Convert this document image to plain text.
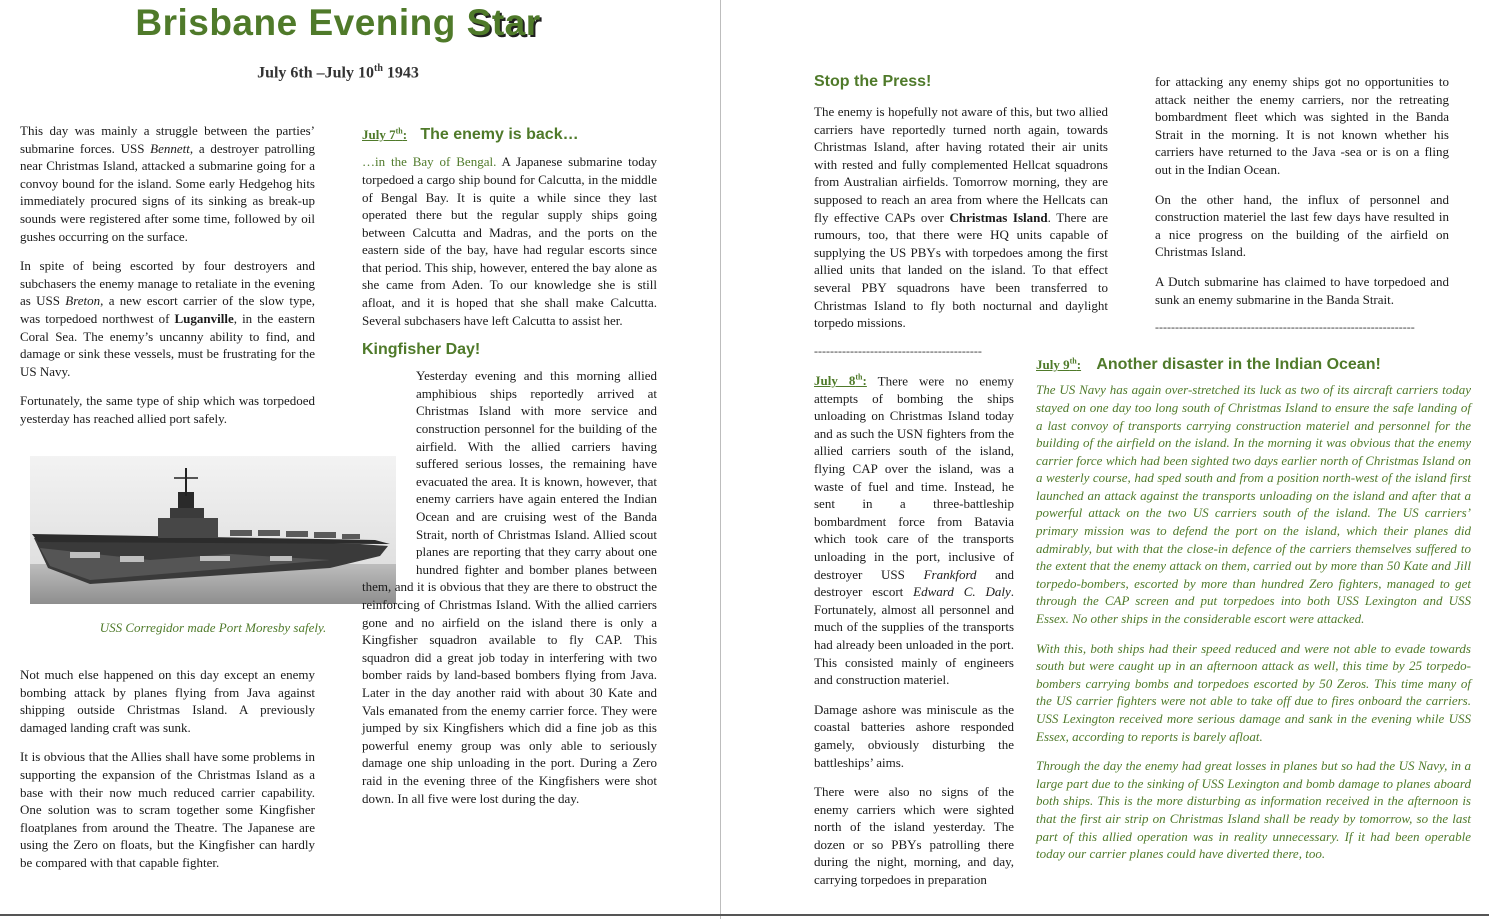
Brisbane Evening Star
July 6th –July 10th 1943

This day was mainly a struggle between the parties’ submarine forces. USS Bennett, a destroyer patrolling near Christmas Island, attacked a submarine going for a convoy bound for the island. Some early Hedgehog hits immediately procured signs of its sinking as break-up sounds were registered after some time, followed by oil gushes occurring on the surface.

In spite of being escorted by four destroyers and subchasers the enemy manage to retaliate in the evening as USS Breton, a new escort carrier of the slow type, was torpedoed northwest of Luganville, in the eastern Coral Sea. The enemy’s uncanny ability to find, and damage or sink these vessels, must be frustrating for the US Navy.

Fortunately, the same type of ship which was torpedoed yesterday has reached allied port safely.

USS Corregidor made Port Moresby safely.

Not much else happened on this day except an enemy bombing attack by planes flying from Java against shipping outside Christmas Island. A previously damaged landing craft was sunk.

It is obvious that the Allies shall have some problems in supporting the expansion of the Christmas Island as a base with their now much reduced carrier capability. One solution was to scram together some Kingfisher floatplanes from around the Theatre. The Japanese are using the Zero on floats, but the Kingfisher can hardly be compared with that capable fighter.

July 7th: The enemy is back…

…in the Bay of Bengal. A Japanese submarine today torpedoed a cargo ship bound for Calcutta, in the middle of Bengal Bay. It is quite a while since they last operated there but the regular supply ships going between Calcutta and Madras, and the ports on the eastern side of the bay, have had regular escorts since that period. This ship, however, entered the bay alone as she came from Aden. To our knowledge she is still afloat, and it is hoped that she shall make Calcutta. Several subchasers have left Calcutta to assist her.

Kingfisher Day!

Yesterday evening and this morning allied amphibious ships reportedly arrived at Christmas Island with more service and construction personnel for the building of the airfield. With the allied carriers having suffered serious losses, the remaining have evacuated the area. It is known, however, that enemy carriers have again entered the Indian Ocean and are cruising west of the Banda Strait, north of Christmas Island. Allied scout planes are reporting that they carry about one hundred fighter and bomber planes between them, and it is obvious that they are there to obstruct the reinforcing of Christmas Island. With the allied carriers gone and no airfield on the island there is only a Kingfisher squadron available to fly CAP. This squadron did a great job today in interfering with two bomber raids by land-based bombers flying from Java. Later in the day another raid with about 30 Kate and Vals emanated from the enemy carrier force. They were jumped by six Kingfishers which did a fine job as this powerful enemy group was only able to seriously damage one ship unloading in the port. During a Zero raid in the evening three of the Kingfishers were shot down. In all five were lost during the day.

Stop the Press!

The enemy is hopefully not aware of this, but two allied carriers have reportedly turned north again, towards Christmas Island, after having rotated their air units with rested and fully complemented Hellcat squadrons from Australian airfields. Tomorrow morning, they are supposed to reach an area from where the Hellcats can fly effective CAPs over Christmas Island. There are rumours, too, that there were HQ units capable of supplying the US PBYs with torpedoes among the first allied units that landed on the island. To that effect several PBY squadrons have been transferred to Christmas Island to fly both nocturnal and daylight torpedo missions.

------------------------------------------

July 8th: There were no enemy attempts of bombing the ships unloading on Christmas Island today and as such the USN fighters from the allied carriers south of the island, flying CAP over the island, was a waste of fuel and time. Instead, he sent in a three-battleship bombardment force from Batavia which took care of the transports unloading in the port, inclusive of destroyer USS Frankford and destroyer escort Edward C. Daly. Fortunately, almost all personnel and much of the supplies of the transports had already been unloaded in the port. This consisted mainly of engineers and construction materiel.

Damage ashore was miniscule as the coastal batteries ashore responded gamely, obviously disturbing the battleships’ aims.

There were also no signs of the enemy carriers which were sighted north of the island yesterday. The dozen or so PBYs patrolling there during the night, morning, and day, carrying torpedoes in preparation

for attacking any enemy ships got no opportunities to attack neither the enemy carriers, nor the retreating bombardment fleet which was sighted in the Banda Strait in the morning. It is not known whether his carriers have returned to the Java -sea or is on a fling out in the Indian Ocean.

On the other hand, the influx of personnel and construction materiel the last few days have resulted in a nice progress on the building of the airfield on Christmas Island.

A Dutch submarine has claimed to have torpedoed and sunk an enemy submarine in the Banda Strait.

-----------------------------------------------------------------
July 9th: Another disaster in the Indian Ocean!

The US Navy has again over-stretched its luck as two of its aircraft carriers today stayed on one day too long south of Christmas Island to ensure the safe landing of a last convoy of transports carrying construction materiel and personnel for the building of the airfield on the island. In the morning it was obvious that the enemy carrier force which had been sighted two days earlier north of Christmas Island on a westerly course, had sped south and from a position north-west of the island first launched an attack against the transports unloading on the island and after that a powerful attack on the two US carriers south of the island. The US carriers’ primary mission was to defend the port on the island, which their planes did admirably, but with that the close-in defence of the carriers themselves suffered to the extent that the enemy attack on them, carried out by more than 50 Kate and Jill torpedo-bombers, escorted by more than hundred Zero fighters, managed to get through the CAP screen and put torpedoes into both USS Lexington and USS Essex. No other ships in the considerable escort were attacked.

With this, both ships had their speed reduced and were not able to evade towards south but were caught up in an afternoon attack as well, this time by 25 torpedo-bombers carrying bombs and torpedoes escorted by 50 Zeros. This time many of the US carrier fighters were not able to take off due to fires onboard the carriers. USS Lexington received more serious damage and sank in the evening while USS Essex, according to reports is barely afloat.

Through the day the enemy had great losses in planes but so had the US Navy, in a large part due to the sinking of USS Lexington and bomb damage to planes aboard both ships. This is the more disturbing as information received in the afternoon is that the first air strip on Christmas Island shall be ready by tomorrow, so the last part of this allied operation was in reality unnecessary. If it had been operable today our carrier planes could have diverted there, too.
